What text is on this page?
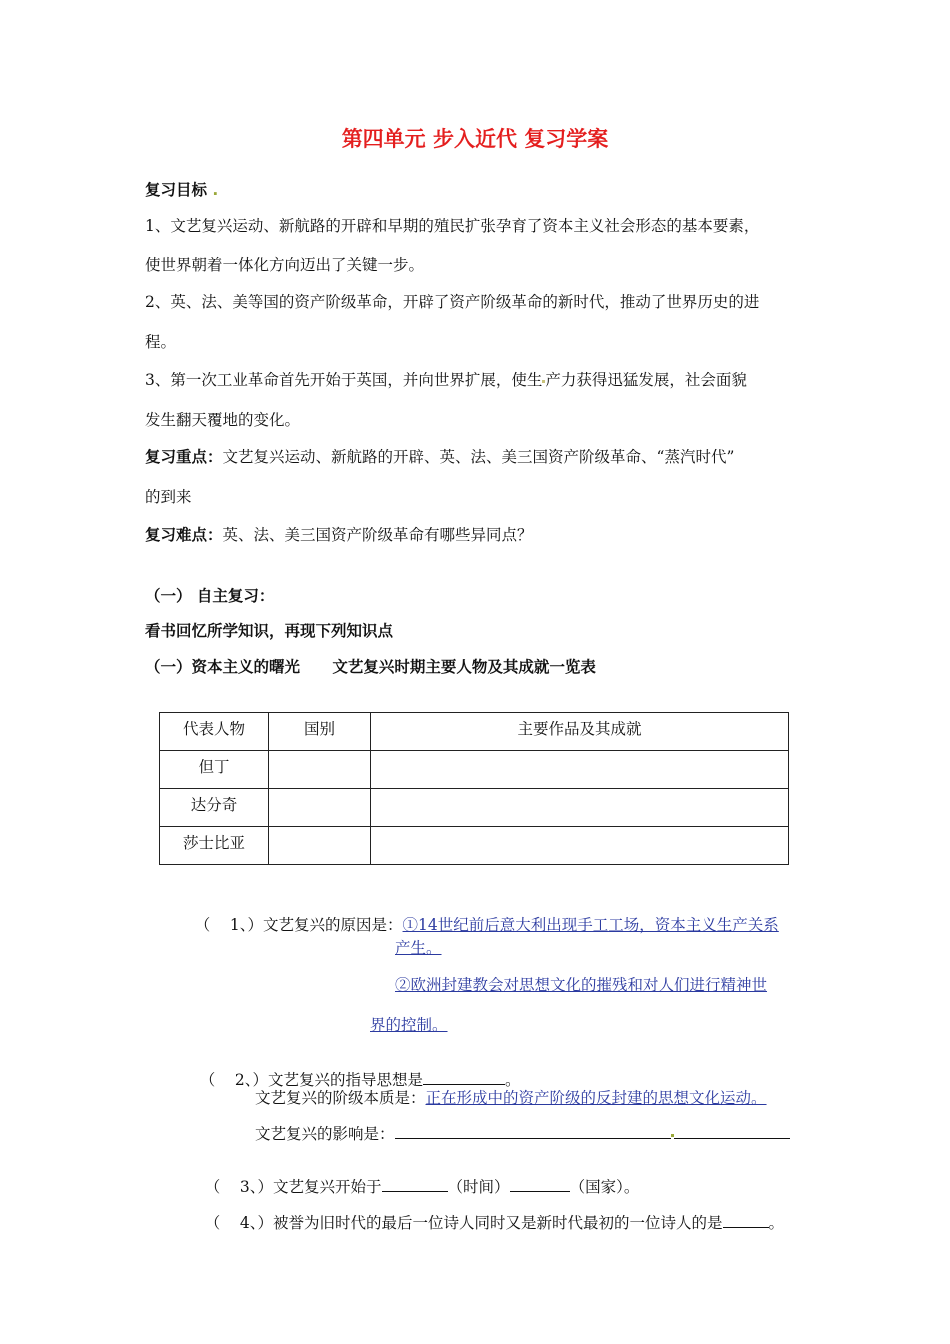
第四单元 步入近代 复习学案
复习目标 .
1、文艺复兴运动、新航路的开辟和早期的殖民扩张孕育了资本主义社会形态的基本要素，
使世界朝着一体化方向迈出了关键一步。
2、英、法、美等国的资产阶级革命，开辟了资产阶级革命的新时代，推动了世界历史的进
程。
3、第一次工业革命首先开始于英国，并向世界扩展，使生 产力获得迅猛发展，社会面貌
发生翻天覆地的变化。
复习重点：文艺复兴运动、新航路的开辟、英、法、美三国资产阶级革命、“蒸汽时代”
的到来
复习难点：英、法、美三国资产阶级革命有哪些异同点？
（一） 自主复习：
看书回忆所学知识，再现下列知识点
（一）资本主义的曙光      文艺复兴时期主要人物及其成就一览表
代表人物	国别	主要作品及其成就
但丁		
达分奇		
莎士比亚		

（    1、）文艺复兴的原因是：①14世纪前后意大利出现手工工场，资本主义生产关系

产生。
②欧洲封建教会对思想文化的摧残和对人们进行精神世
界的控制。

（    2、）文艺复兴的指导思想是	。

文艺复兴的阶级本质是：正在形成中的资产阶级的反封建的思想文化运动。
文艺复兴的影响是：

（    3、）文艺复兴开始于	（时间）	（国家）。

（    4、）被誉为旧时代的最后一位诗人同时又是新时代最初的一位诗人的是	。
